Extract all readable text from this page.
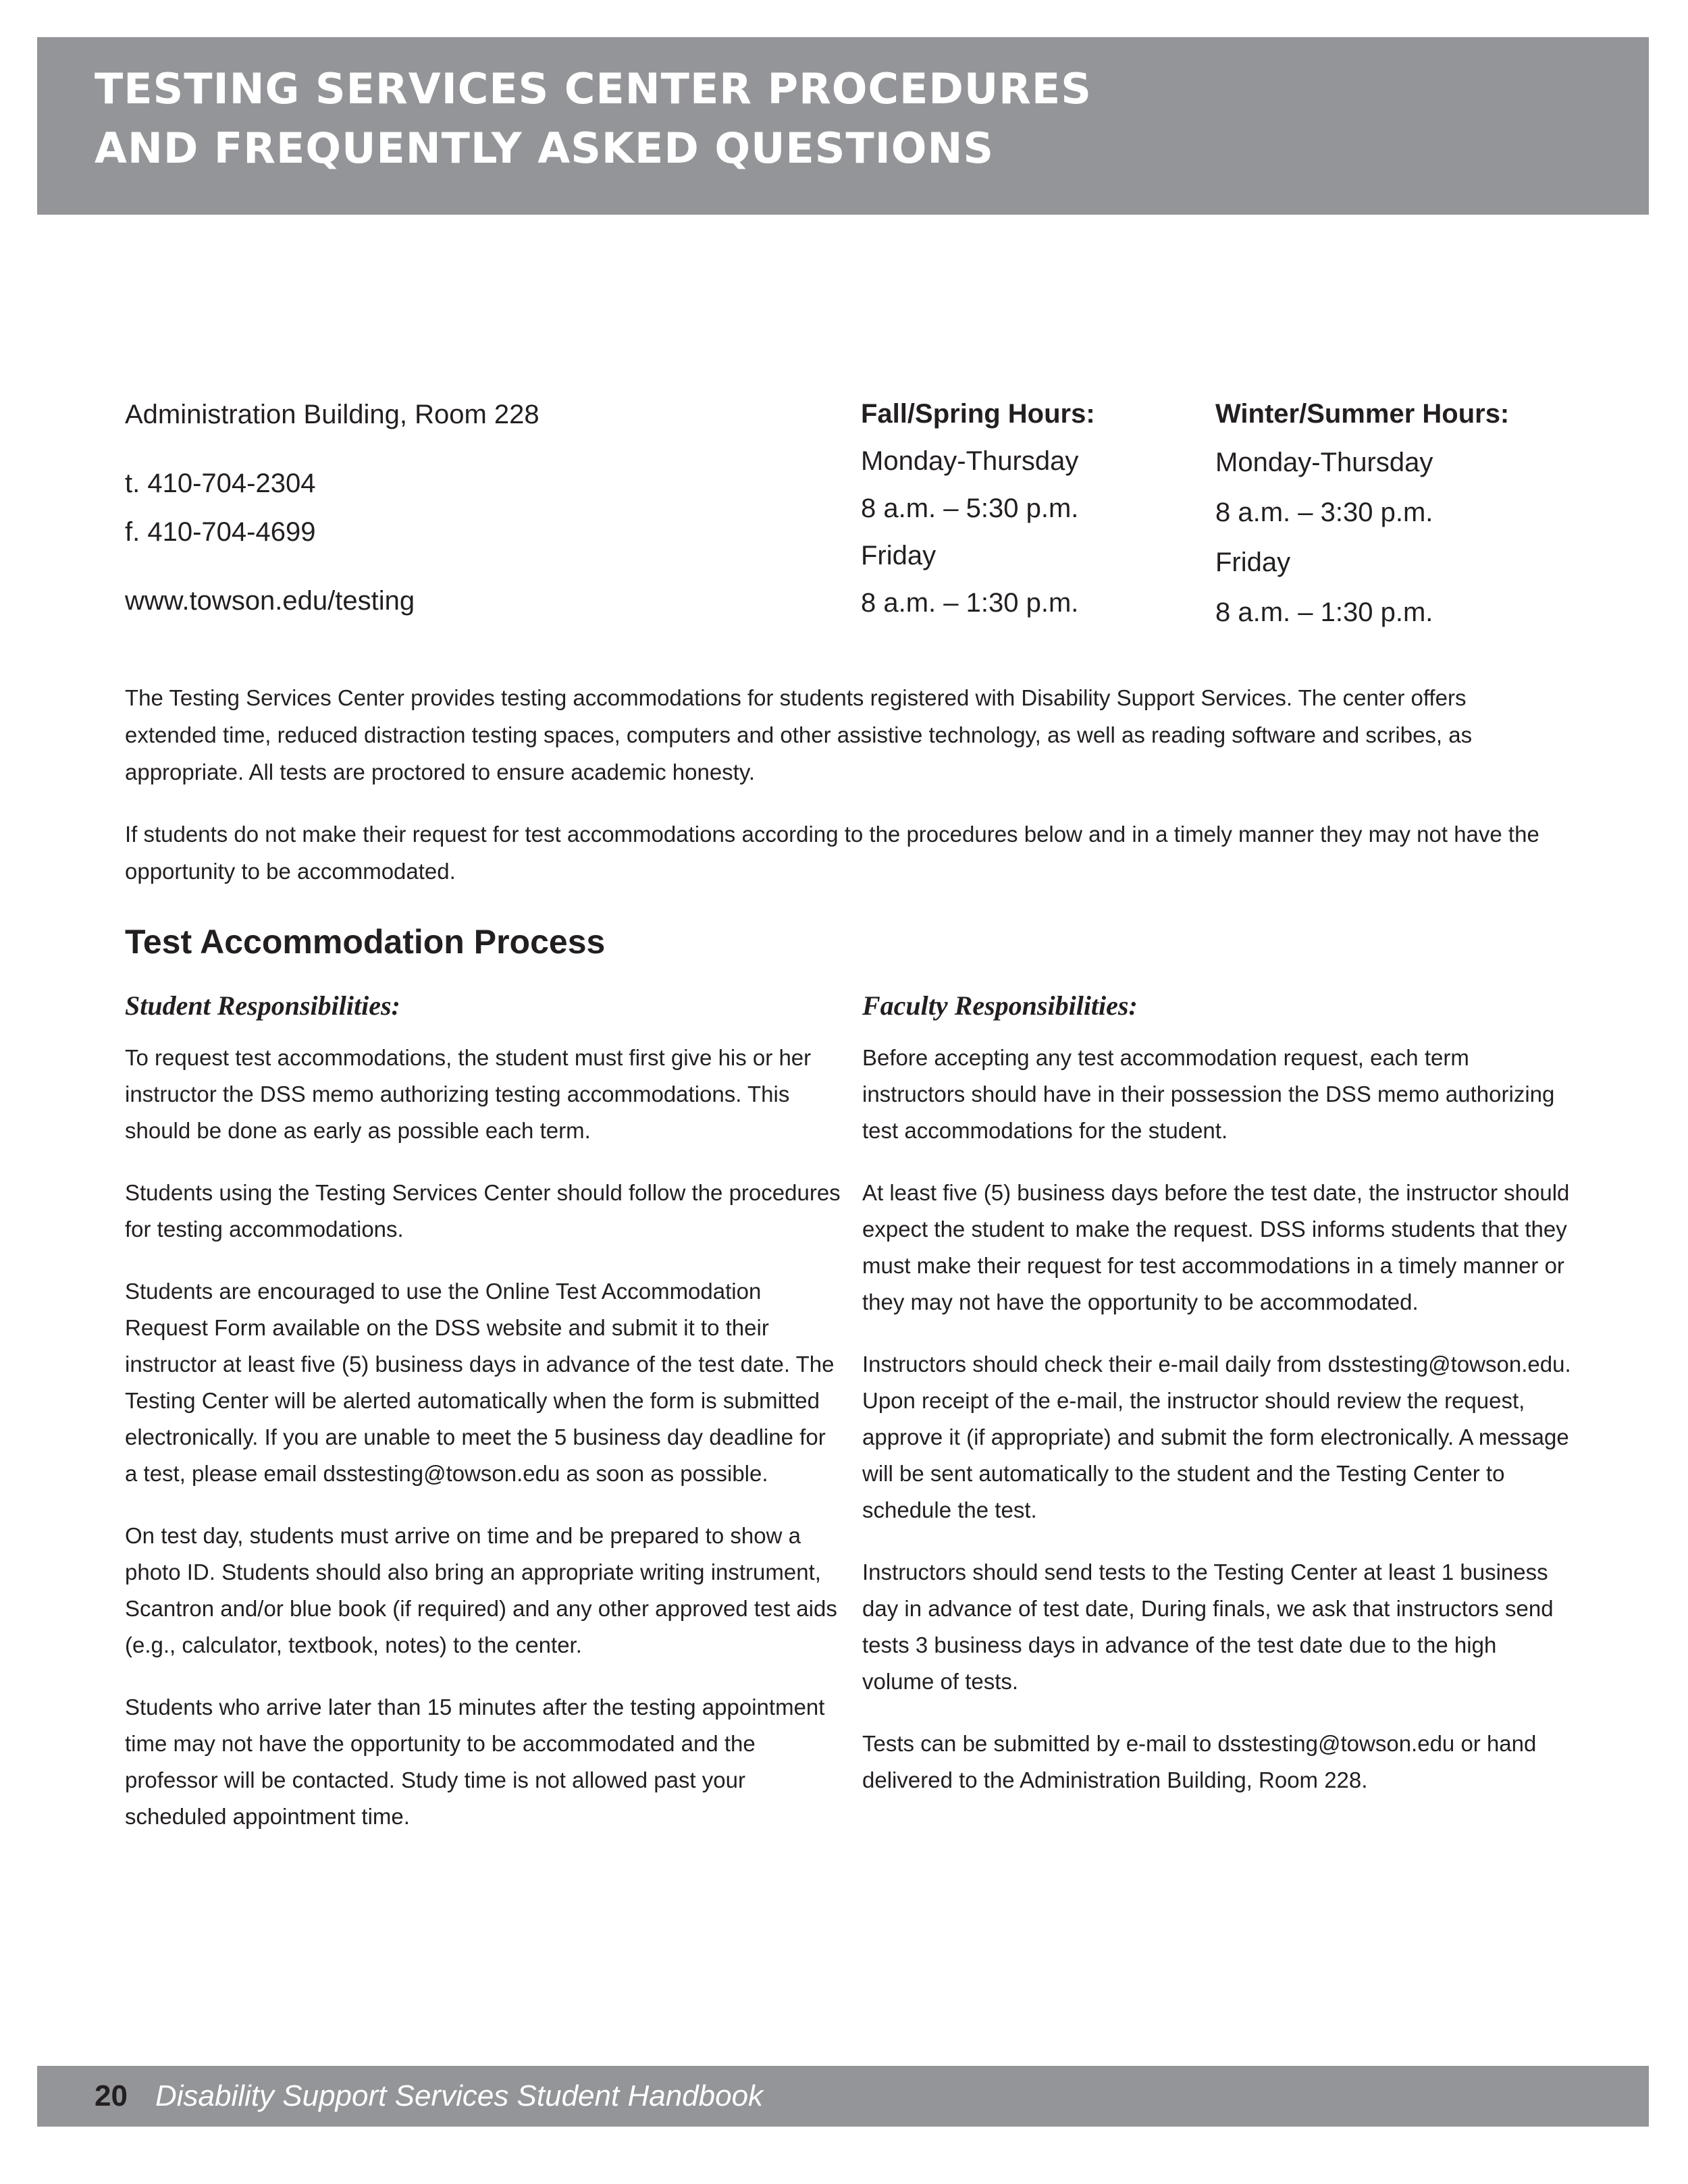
TESTING SERVICES CENTER PROCEDURES
AND FREQUENTLY ASKED QUESTIONS
Administration Building, Room 228
t. 410-704-2304
f. 410-704-4699
www.towson.edu/testing
Fall/Spring Hours:
Monday-Thursday
8 a.m. – 5:30 p.m.
Friday
8 a.m. – 1:30 p.m.
Winter/Summer Hours:
Monday-Thursday
8 a.m. – 3:30 p.m.
Friday
8 a.m. – 1:30 p.m.

The Testing Services Center provides testing accommodations for students registered with Disability Support Services. The center offers extended time, reduced distraction testing spaces, computers and other assistive technology, as well as reading software and scribes, as appropriate. All tests are proctored to ensure academic honesty.

If students do not make their request for test accommodations according to the procedures below and in a timely manner they may not have the opportunity to be accommodated.

Test Accommodation Process
Student Responsibilities:

To request test accommodations, the student must first give his or her instructor the DSS memo authorizing testing accommodations. This should be done as early as possible each term.

Students using the Testing Services Center should follow the procedures for testing accommodations.

Students are encouraged to use the Online Test Accommodation Request Form available on the DSS website and submit it to their instructor at least five (5) business days in advance of the test date. The Testing Center will be alerted automatically when the form is submitted electronically. If you are unable to meet the 5 business day deadline for a test, please email dsstesting@towson.edu as soon as possible.

On test day, students must arrive on time and be prepared to show a photo ID. Students should also bring an appropriate writing instrument, Scantron and/or blue book (if required) and any other approved test aids (e.g., calculator, textbook, notes) to the center.

Students who arrive later than 15 minutes after the testing appointment time may not have the opportunity to be accommodated and the professor will be contacted. Study time is not allowed past your scheduled appointment time.

Faculty Responsibilities:

Before accepting any test accommodation request, each term instructors should have in their possession the DSS memo authorizing test accommodations for the student.

At least five (5) business days before the test date, the instructor should expect the student to make the request. DSS informs students that they must make their request for test accommodations in a timely manner or they may not have the opportunity to be accommodated.

Instructors should check their e-mail daily from dsstesting@towson.edu. Upon receipt of the e-mail, the instructor should review the request, approve it (if appropriate) and submit the form electronically. A message will be sent automatically to the student and the Testing Center to schedule the test.

Instructors should send tests to the Testing Center at least 1 business day in advance of test date, During finals, we ask that instructors send tests 3 business days in advance of the test date due to the high volume of tests.

Tests can be submitted by e-mail to dsstesting@towson.edu or hand delivered to the Administration Building, Room 228.

20 Disability Support Services Student Handbook
